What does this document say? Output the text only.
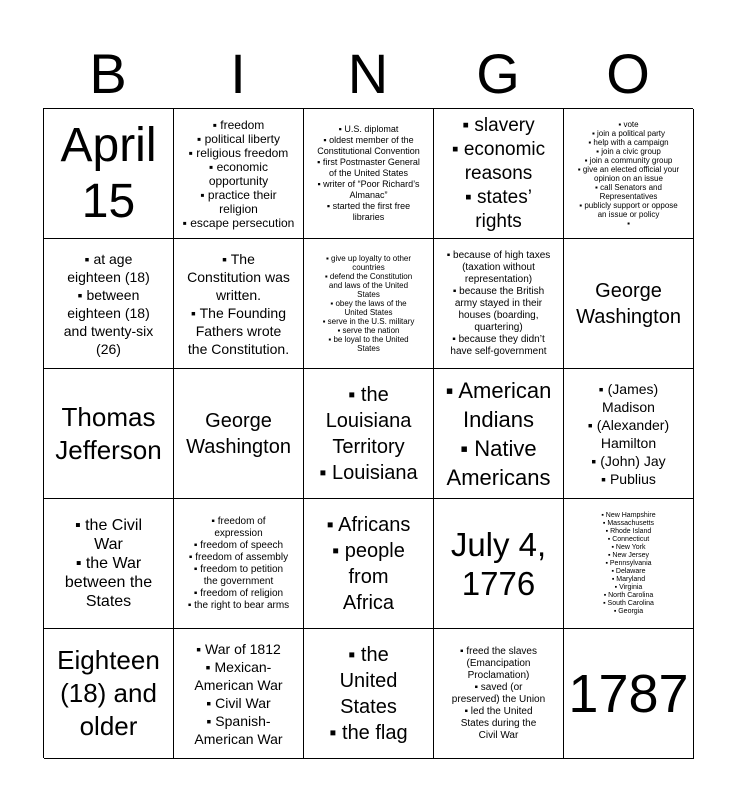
B	I	N	G	O
April
15
▪ freedom
▪ political liberty
▪ religious freedom
▪ economic
opportunity
▪ practice their
religion
▪ escape persecution
▪ U.S. diplomat
▪ oldest member of the
Constitutional Convention
▪ first Postmaster General
of the United States
▪ writer of “Poor Richard’s
Almanac”
▪ started the first free
libraries
▪ slavery
▪ economic
reasons
▪ states’
rights
▪ vote
▪ join a political party
▪ help with a campaign
▪ join a civic group
▪ join a community group
▪ give an elected official your
opinion on an issue
▪ call Senators and
Representatives
▪ publicly support or oppose
an issue or policy
▪
▪ at age
eighteen (18)
▪ between
eighteen (18)
and twenty-six
(26)
▪ The
Constitution was
written.
▪ The Founding
Fathers wrote
the Constitution.
▪ give up loyalty to other
countries
▪ defend the Constitution
and laws of the United
States
▪ obey the laws of the
United States
▪ serve in the U.S. military
▪ serve the nation
▪ be loyal to the United
States
▪ because of high taxes
(taxation without
representation)
▪ because the British
army stayed in their
houses (boarding,
quartering)
▪ because they didn’t
have self-government
George
Washington
Thomas
Jefferson
George
Washington
▪ the
Louisiana
Territory
▪ Louisiana
▪ American
Indians
▪ Native
Americans
▪ (James)
Madison
▪ (Alexander)
Hamilton
▪ (John) Jay
▪ Publius
▪ the Civil
War
▪ the War
between the
States
▪ freedom of
expression
▪ freedom of speech
▪ freedom of assembly
▪ freedom to petition
the government
▪ freedom of religion
▪ the right to bear arms
▪ Africans
▪ people
from
Africa
July 4,
1776
▪ New Hampshire
▪ Massachusetts
▪ Rhode Island
▪ Connecticut
▪ New York
▪ New Jersey
▪ Pennsylvania
▪ Delaware
▪ Maryland
▪ Virginia
▪ North Carolina
▪ South Carolina
▪ Georgia
Eighteen
(18) and
older
▪ War of 1812
▪ Mexican-
American War
▪ Civil War
▪ Spanish-
American War
▪ the
United
States
▪ the flag
▪ freed the slaves
(Emancipation
Proclamation)
▪ saved (or
preserved) the Union
▪ led the United
States during the
Civil War
1787
